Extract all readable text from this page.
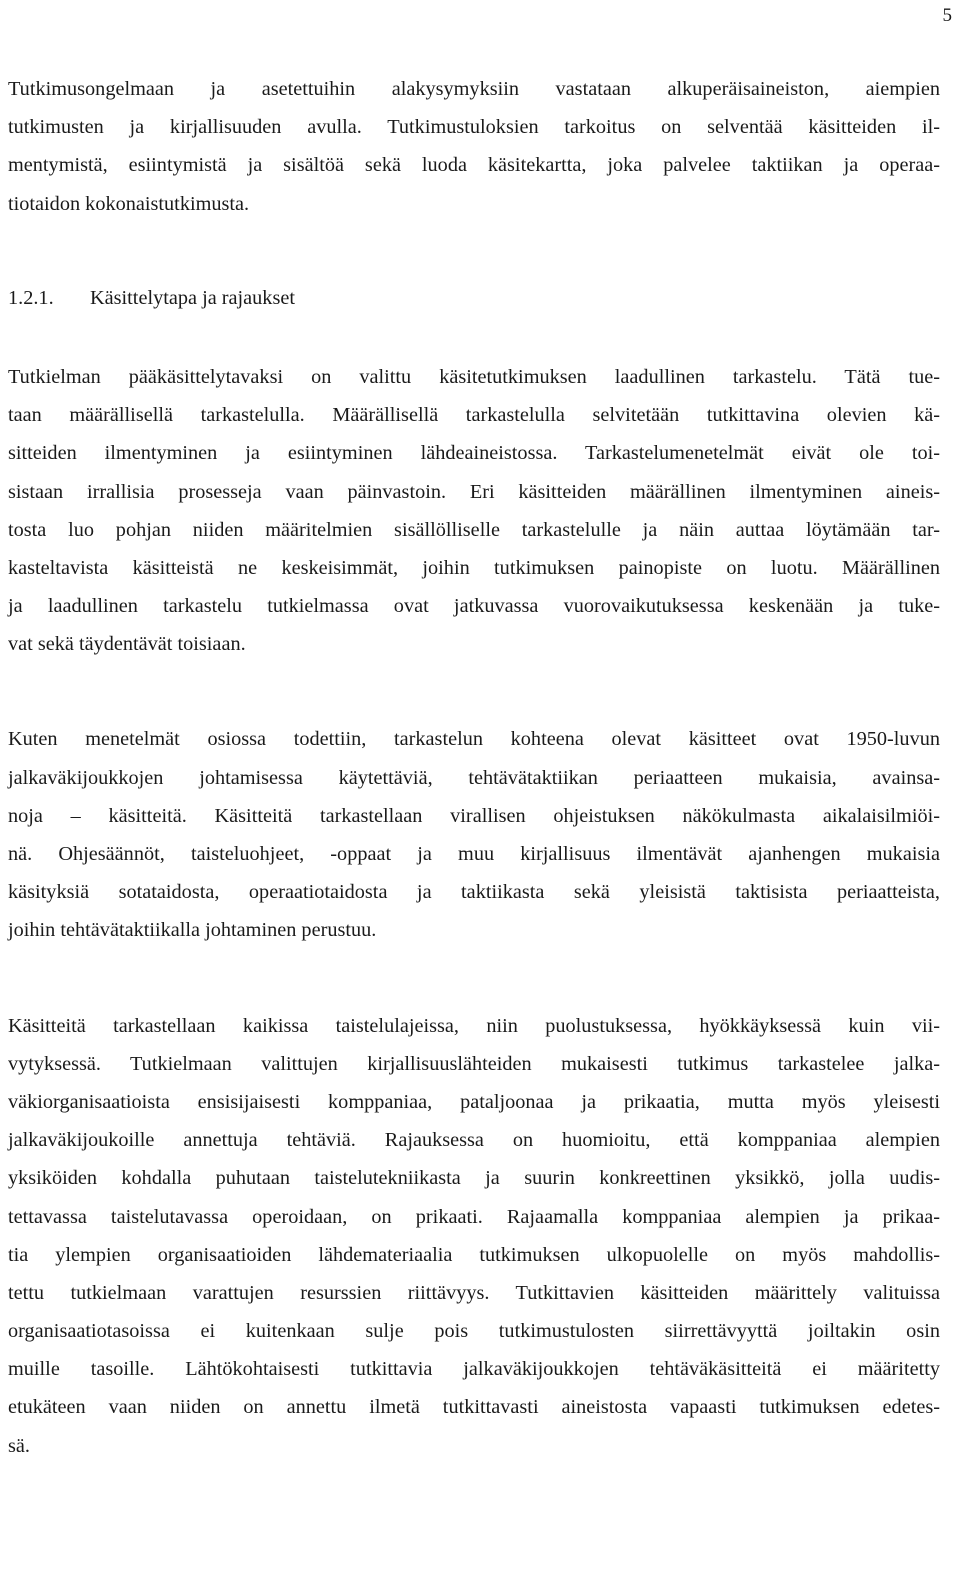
5
Tutkimusongelmaan ja asetettuihin alakysymyksiin vastataan alkuperäisaineiston, aiempien
tutkimusten ja kirjallisuuden avulla. Tutkimustuloksien tarkoitus on selventää käsitteiden il-
mentymistä, esiintymistä ja sisältöä sekä luoda käsitekartta, joka palvelee taktiikan ja operaa-
tiotaidon kokonaistutkimusta.
1.2.1.	Käsittelytapa ja rajaukset
Tutkielman pääkäsittelytavaksi on valittu käsitetutkimuksen laadullinen tarkastelu. Tätä tue-
taan määrällisellä tarkastelulla. Määrällisellä tarkastelulla selvitetään tutkittavina olevien kä-
sitteiden ilmentyminen ja esiintyminen lähdeaineistossa. Tarkastelumenetelmät eivät ole toi-
sistaan irrallisia prosesseja vaan päinvastoin. Eri käsitteiden määrällinen ilmentyminen aineis-
tosta luo pohjan niiden määritelmien sisällölliselle tarkastelulle ja näin auttaa löytämään tar-
kasteltavista käsitteistä ne keskeisimmät, joihin tutkimuksen painopiste on luotu. Määrällinen
ja laadullinen tarkastelu tutkielmassa ovat jatkuvassa vuorovaikutuksessa keskenään ja tuke-
vat sekä täydentävät toisiaan.
Kuten menetelmät osiossa todettiin, tarkastelun kohteena olevat käsitteet ovat 1950-luvun
jalkaväkijoukkojen johtamisessa käytettäviä, tehtävätaktiikan periaatteen mukaisia, avainsa-
noja – käsitteitä. Käsitteitä tarkastellaan virallisen ohjeistuksen näkökulmasta aikalaisilmiöi-
nä. Ohjesäännöt, taisteluohjeet, -oppaat ja muu kirjallisuus ilmentävät ajanhengen mukaisia
käsityksiä sotataidosta, operaatiotaidosta ja taktiikasta sekä yleisistä taktisista periaatteista,
joihin tehtävätaktiikalla johtaminen perustuu.
Käsitteitä tarkastellaan kaikissa taistelulajeissa, niin puolustuksessa, hyökkäyksessä kuin vii-
vytyksessä. Tutkielmaan valittujen kirjallisuuslähteiden mukaisesti tutkimus tarkastelee jalka-
väkiorganisaatioista ensisijaisesti komppaniaa, pataljoonaa ja prikaatia, mutta myös yleisesti
jalkaväkijoukoille annettuja tehtäviä. Rajauksessa on huomioitu, että komppaniaa alempien
yksiköiden kohdalla puhutaan taistelutekniikasta ja suurin konkreettinen yksikkö, jolla uudis-
tettavassa taistelutavassa operoidaan, on prikaati. Rajaamalla komppaniaa alempien ja prikaa-
tia ylempien organisaatioiden lähdemateriaalia tutkimuksen ulkopuolelle on myös mahdollis-
tettu tutkielmaan varattujen resurssien riittävyys. Tutkittavien käsitteiden määrittely valituissa
organisaatiotasoissa ei kuitenkaan sulje pois tutkimustulosten siirrettävyyttä joiltakin osin
muille tasoille. Lähtökohtaisesti tutkittavia jalkaväkijoukkojen tehtäväkäsitteitä ei määritetty
etukäteen vaan niiden on annettu ilmetä tutkittavasti aineistosta vapaasti tutkimuksen edetes-
sä.
